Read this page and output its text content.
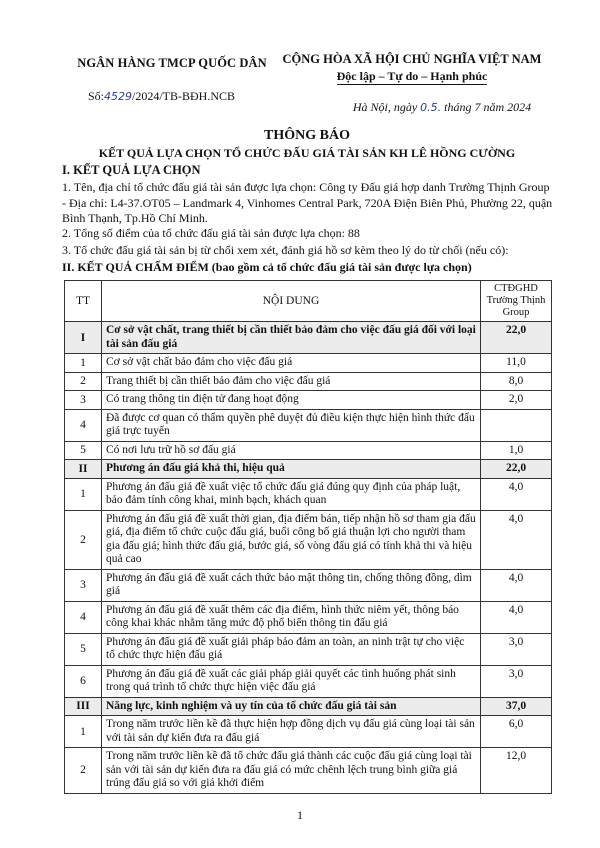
NGÂN HÀNG TMCP QUỐC DÂN	CỘNG HÒA XÃ HỘI CHỦ NGHĨA VIỆT NAM
Độc lập – Tự do – Hạnh phúc
Số:4529/2024/TB-BĐH.NCB
Hà Nội, ngày 0.5. tháng 7 năm 2024
THÔNG BÁO
KẾT QUẢ LỰA CHỌN TỔ CHỨC ĐẤU GIÁ TÀI SẢN KH LÊ HỒNG CƯỜNG
I. KẾT QUẢ LỰA CHỌN
1. Tên, địa chỉ tổ chức đấu giá tài sản được lựa chọn: Công ty Đấu giá hợp danh Trường Thịnh Group - Địa chỉ: L4-37.OT05 – Landmark 4, Vinhomes Central Park, 720A Điện Biên Phủ, Phường 22, quận Bình Thạnh, Tp.Hồ Chí Minh.
2. Tổng số điểm của tổ chức đấu giá tài sản được lựa chọn: 88
3. Tổ chức đấu giá tài sản bị từ chối xem xét, đánh giá hồ sơ kèm theo lý do từ chối (nếu có):
II. KẾT QUẢ CHẤM ĐIỂM (bao gồm cả tổ chức đấu giá tài sản được lựa chọn)
TT	NỘI DUNG	CTĐGHD Trường Thịnh Group
I	Cơ sở vật chất, trang thiết bị cần thiết bảo đảm cho việc đấu giá đối với loại tài sản đấu giá	22,0
1	Cơ sở vật chất bảo đảm cho việc đấu giá	11,0
2	Trang thiết bị cần thiết bảo đảm cho việc đấu giá	8,0
3	Có trang thông tin điện tử đang hoạt động	2,0
4	Đã được cơ quan có thẩm quyền phê duyệt đủ điều kiện thực hiện hình thức đấu giá trực tuyến	
5	Có nơi lưu trữ hồ sơ đấu giá	1,0
II	Phương án đấu giá khả thi, hiệu quả	22,0
1	Phương án đấu giá đề xuất việc tổ chức đấu giá đúng quy định của pháp luật, bảo đảm tính công khai, minh bạch, khách quan	4,0
2	Phương án đấu giá đề xuất thời gian, địa điểm bán, tiếp nhận hồ sơ tham gia đấu giá, địa điểm tổ chức cuộc đấu giá, buổi công bố giá thuận lợi cho người tham gia đấu giá; hình thức đấu giá, bước giá, số vòng đấu giá có tính khả thi và hiệu quả cao	4,0
3	Phương án đấu giá đề xuất cách thức bảo mật thông tin, chống thông đồng, dìm giá	4,0
4	Phương án đấu giá đề xuất thêm các địa điểm, hình thức niêm yết, thông báo công khai khác nhằm tăng mức độ phổ biến thông tin đấu giá	4,0
5	Phương án đấu giá đề xuất giải pháp bảo đảm an toàn, an ninh trật tự cho việc tổ chức thực hiện đấu giá	3,0
6	Phương án đấu giá đề xuất các giải pháp giải quyết các tình huống phát sinh trong quá trình tổ chức thực hiện việc đấu giá	3,0
III	Năng lực, kinh nghiệm và uy tín của tổ chức đấu giá tài sản	37,0
1	Trong năm trước liền kề đã thực hiện hợp đồng dịch vụ đấu giá cùng loại tài sản với tài sản dự kiến đưa ra đấu giá	6,0
2	Trong năm trước liền kề đã tổ chức đấu giá thành các cuộc đấu giá cùng loại tài sản với tài sản dự kiến đưa ra đấu giá có mức chênh lệch trung bình giữa giá trúng đấu giá so với giá khởi điểm	12,0
1
